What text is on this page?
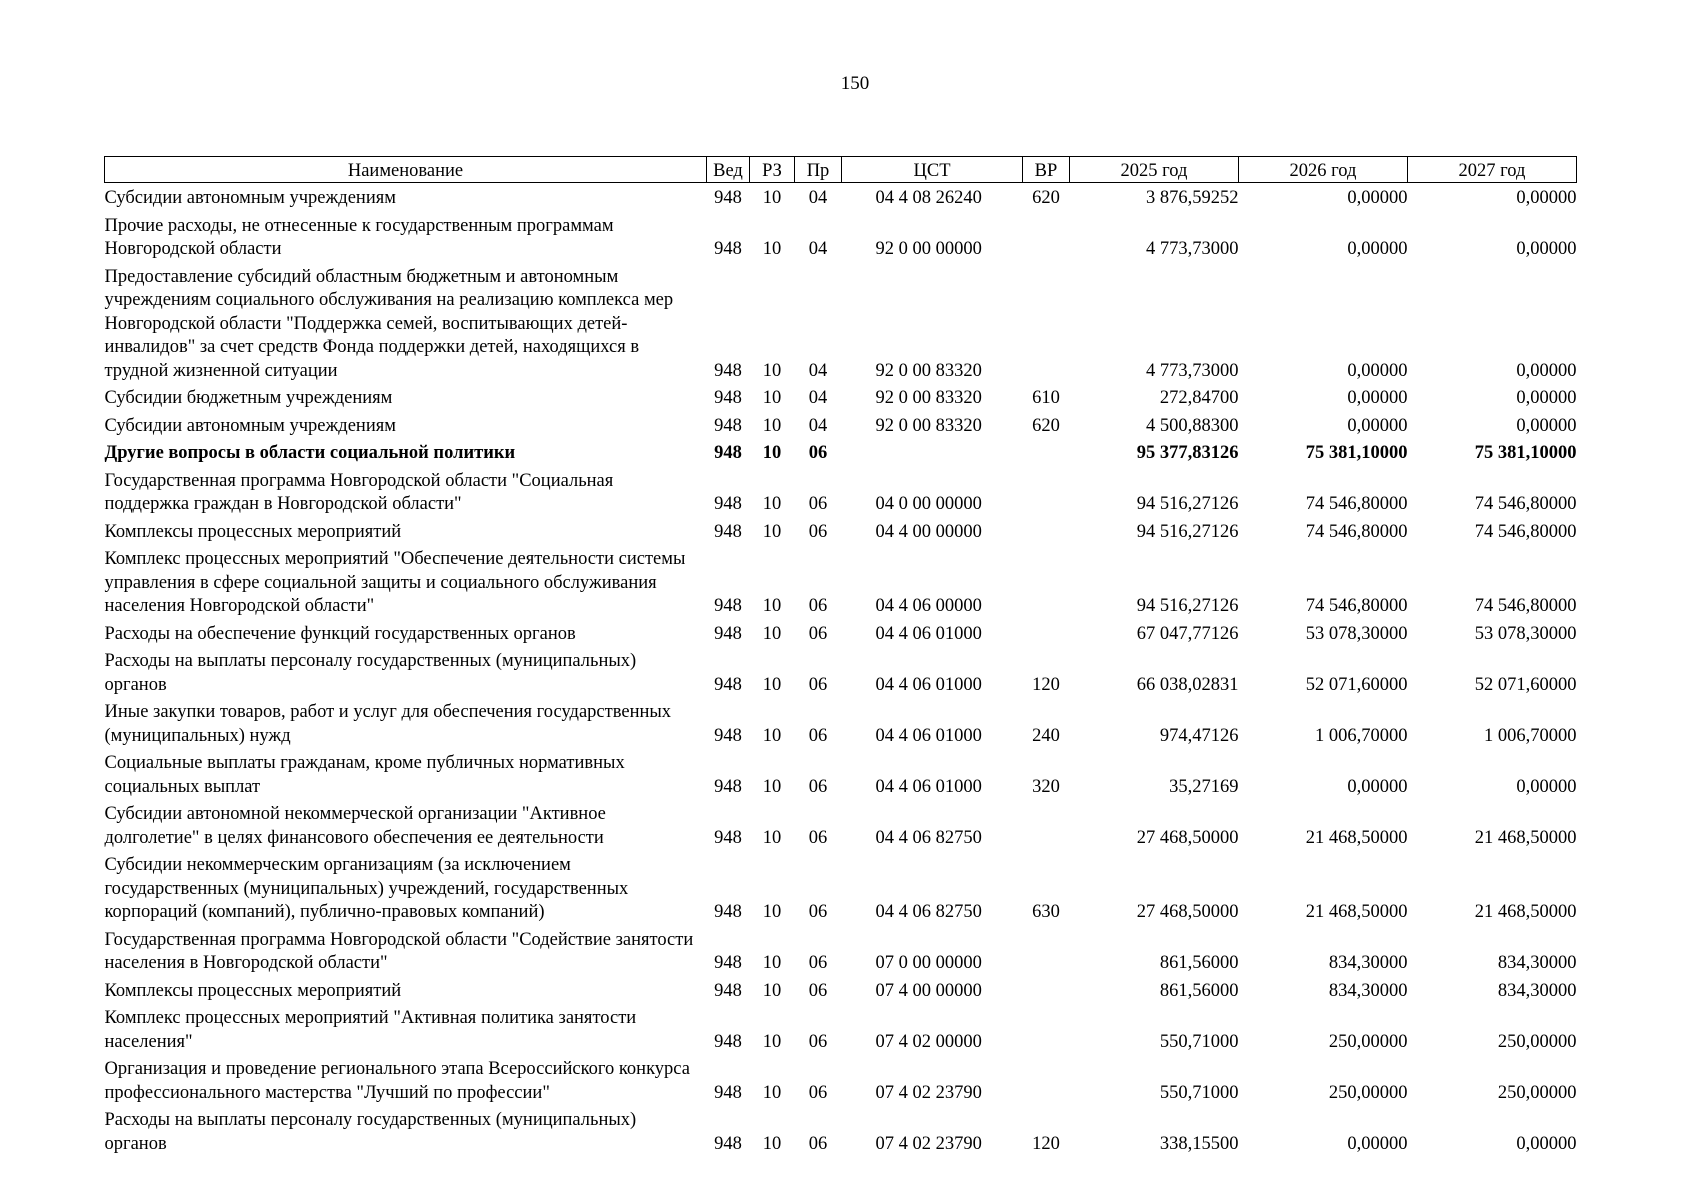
150
Наименование	Вед	РЗ	Пр	ЦСТ	ВР	2025 год	2026 год	2027 год
Субсидии автономным учреждениям	948	10	04	04 4 08 26240	620	3 876,59252	0,00000	0,00000
Прочие расходы, не отнесенные к государственным программам Новгородской области	948	10	04	92 0 00 00000		4 773,73000	0,00000	0,00000
Предоставление субсидий областным бюджетным и автономным учреждениям социального обслуживания на реализацию комплекса мер Новгородской области "Поддержка семей, воспитывающих детей-инвалидов" за счет средств Фонда поддержки детей, находящихся в трудной жизненной ситуации	948	10	04	92 0 00 83320		4 773,73000	0,00000	0,00000
Субсидии бюджетным учреждениям	948	10	04	92 0 00 83320	610	272,84700	0,00000	0,00000
Субсидии автономным учреждениям	948	10	04	92 0 00 83320	620	4 500,88300	0,00000	0,00000
Другие вопросы в области социальной политики	948	10	06			95 377,83126	75 381,10000	75 381,10000
Государственная программа Новгородской области "Социальная поддержка граждан в Новгородской области"	948	10	06	04 0 00 00000		94 516,27126	74 546,80000	74 546,80000
Комплексы процессных мероприятий	948	10	06	04 4 00 00000		94 516,27126	74 546,80000	74 546,80000
Комплекс процессных мероприятий "Обеспечение деятельности системы управления в сфере социальной защиты и социального обслуживания населения Новгородской области"	948	10	06	04 4 06 00000		94 516,27126	74 546,80000	74 546,80000
Расходы на обеспечение функций государственных органов	948	10	06	04 4 06 01000		67 047,77126	53 078,30000	53 078,30000
Расходы на выплаты персоналу государственных (муниципальных) органов	948	10	06	04 4 06 01000	120	66 038,02831	52 071,60000	52 071,60000
Иные закупки товаров, работ и услуг для обеспечения государственных (муниципальных) нужд	948	10	06	04 4 06 01000	240	974,47126	1 006,70000	1 006,70000
Социальные выплаты гражданам, кроме публичных нормативных социальных выплат	948	10	06	04 4 06 01000	320	35,27169	0,00000	0,00000
Субсидии автономной некоммерческой организации "Активное долголетие" в целях финансового обеспечения ее деятельности	948	10	06	04 4 06 82750		27 468,50000	21 468,50000	21 468,50000
Субсидии некоммерческим организациям (за исключением государственных (муниципальных) учреждений, государственных корпораций (компаний), публично-правовых компаний)	948	10	06	04 4 06 82750	630	27 468,50000	21 468,50000	21 468,50000
Государственная программа Новгородской области "Содействие занятости населения в Новгородской области"	948	10	06	07 0 00 00000		861,56000	834,30000	834,30000
Комплексы процессных мероприятий	948	10	06	07 4 00 00000		861,56000	834,30000	834,30000
Комплекс процессных мероприятий "Активная политика занятости населения"	948	10	06	07 4 02 00000		550,71000	250,00000	250,00000
Организация и проведение регионального этапа Всероссийского конкурса профессионального мастерства "Лучший по профессии"	948	10	06	07 4 02 23790		550,71000	250,00000	250,00000
Расходы на выплаты персоналу государственных (муниципальных) органов	948	10	06	07 4 02 23790	120	338,15500	0,00000	0,00000
